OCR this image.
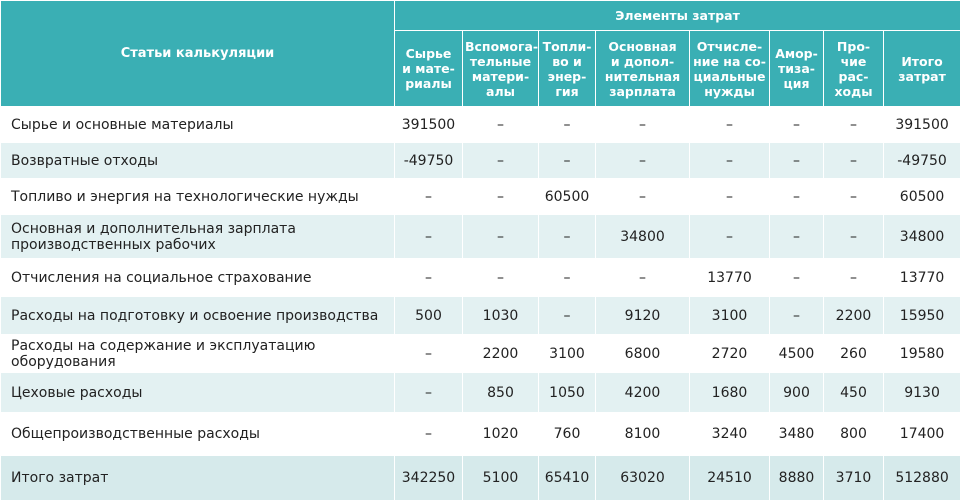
Статьи калькуляции	Элементы затрат							
	Сырье
и мате-
риалы	Вспомога-
тельные
матери-
алы	Топли-
во и
энер-
гия	Основная
и допол-
нительная
зарплата	Отчисле-
ние на со-
циальные
нужды	Амор-
тиза-
ция	Про-
чие
рас-
ходы	Итого
затрат
Сырье и основные материалы	391500	–	–	–	–	–	–	391500
Возвратные отходы	-49750	–	–	–	–	–	–	-49750
Топливо и энергия на технологические нужды	–	–	60500	–	–	–	–	60500
Основная и дополнительная зарплата
производственных рабочих	–	–	–	34800	–	–	–	34800
Отчисления на социальное страхование	–	–	–	–	13770	–	–	13770
Расходы на подготовку и освоение производства	500	1030	–	9120	3100	–	2200	15950
Расходы на содержание и эксплуатацию оборудования	–	2200	3100	6800	2720	4500	260	19580
Цеховые расходы	–	850	1050	4200	1680	900	450	9130
Общепроизводственные расходы	–	1020	760	8100	3240	3480	800	17400
Итого затрат	342250	5100	65410	63020	24510	8880	3710	512880
